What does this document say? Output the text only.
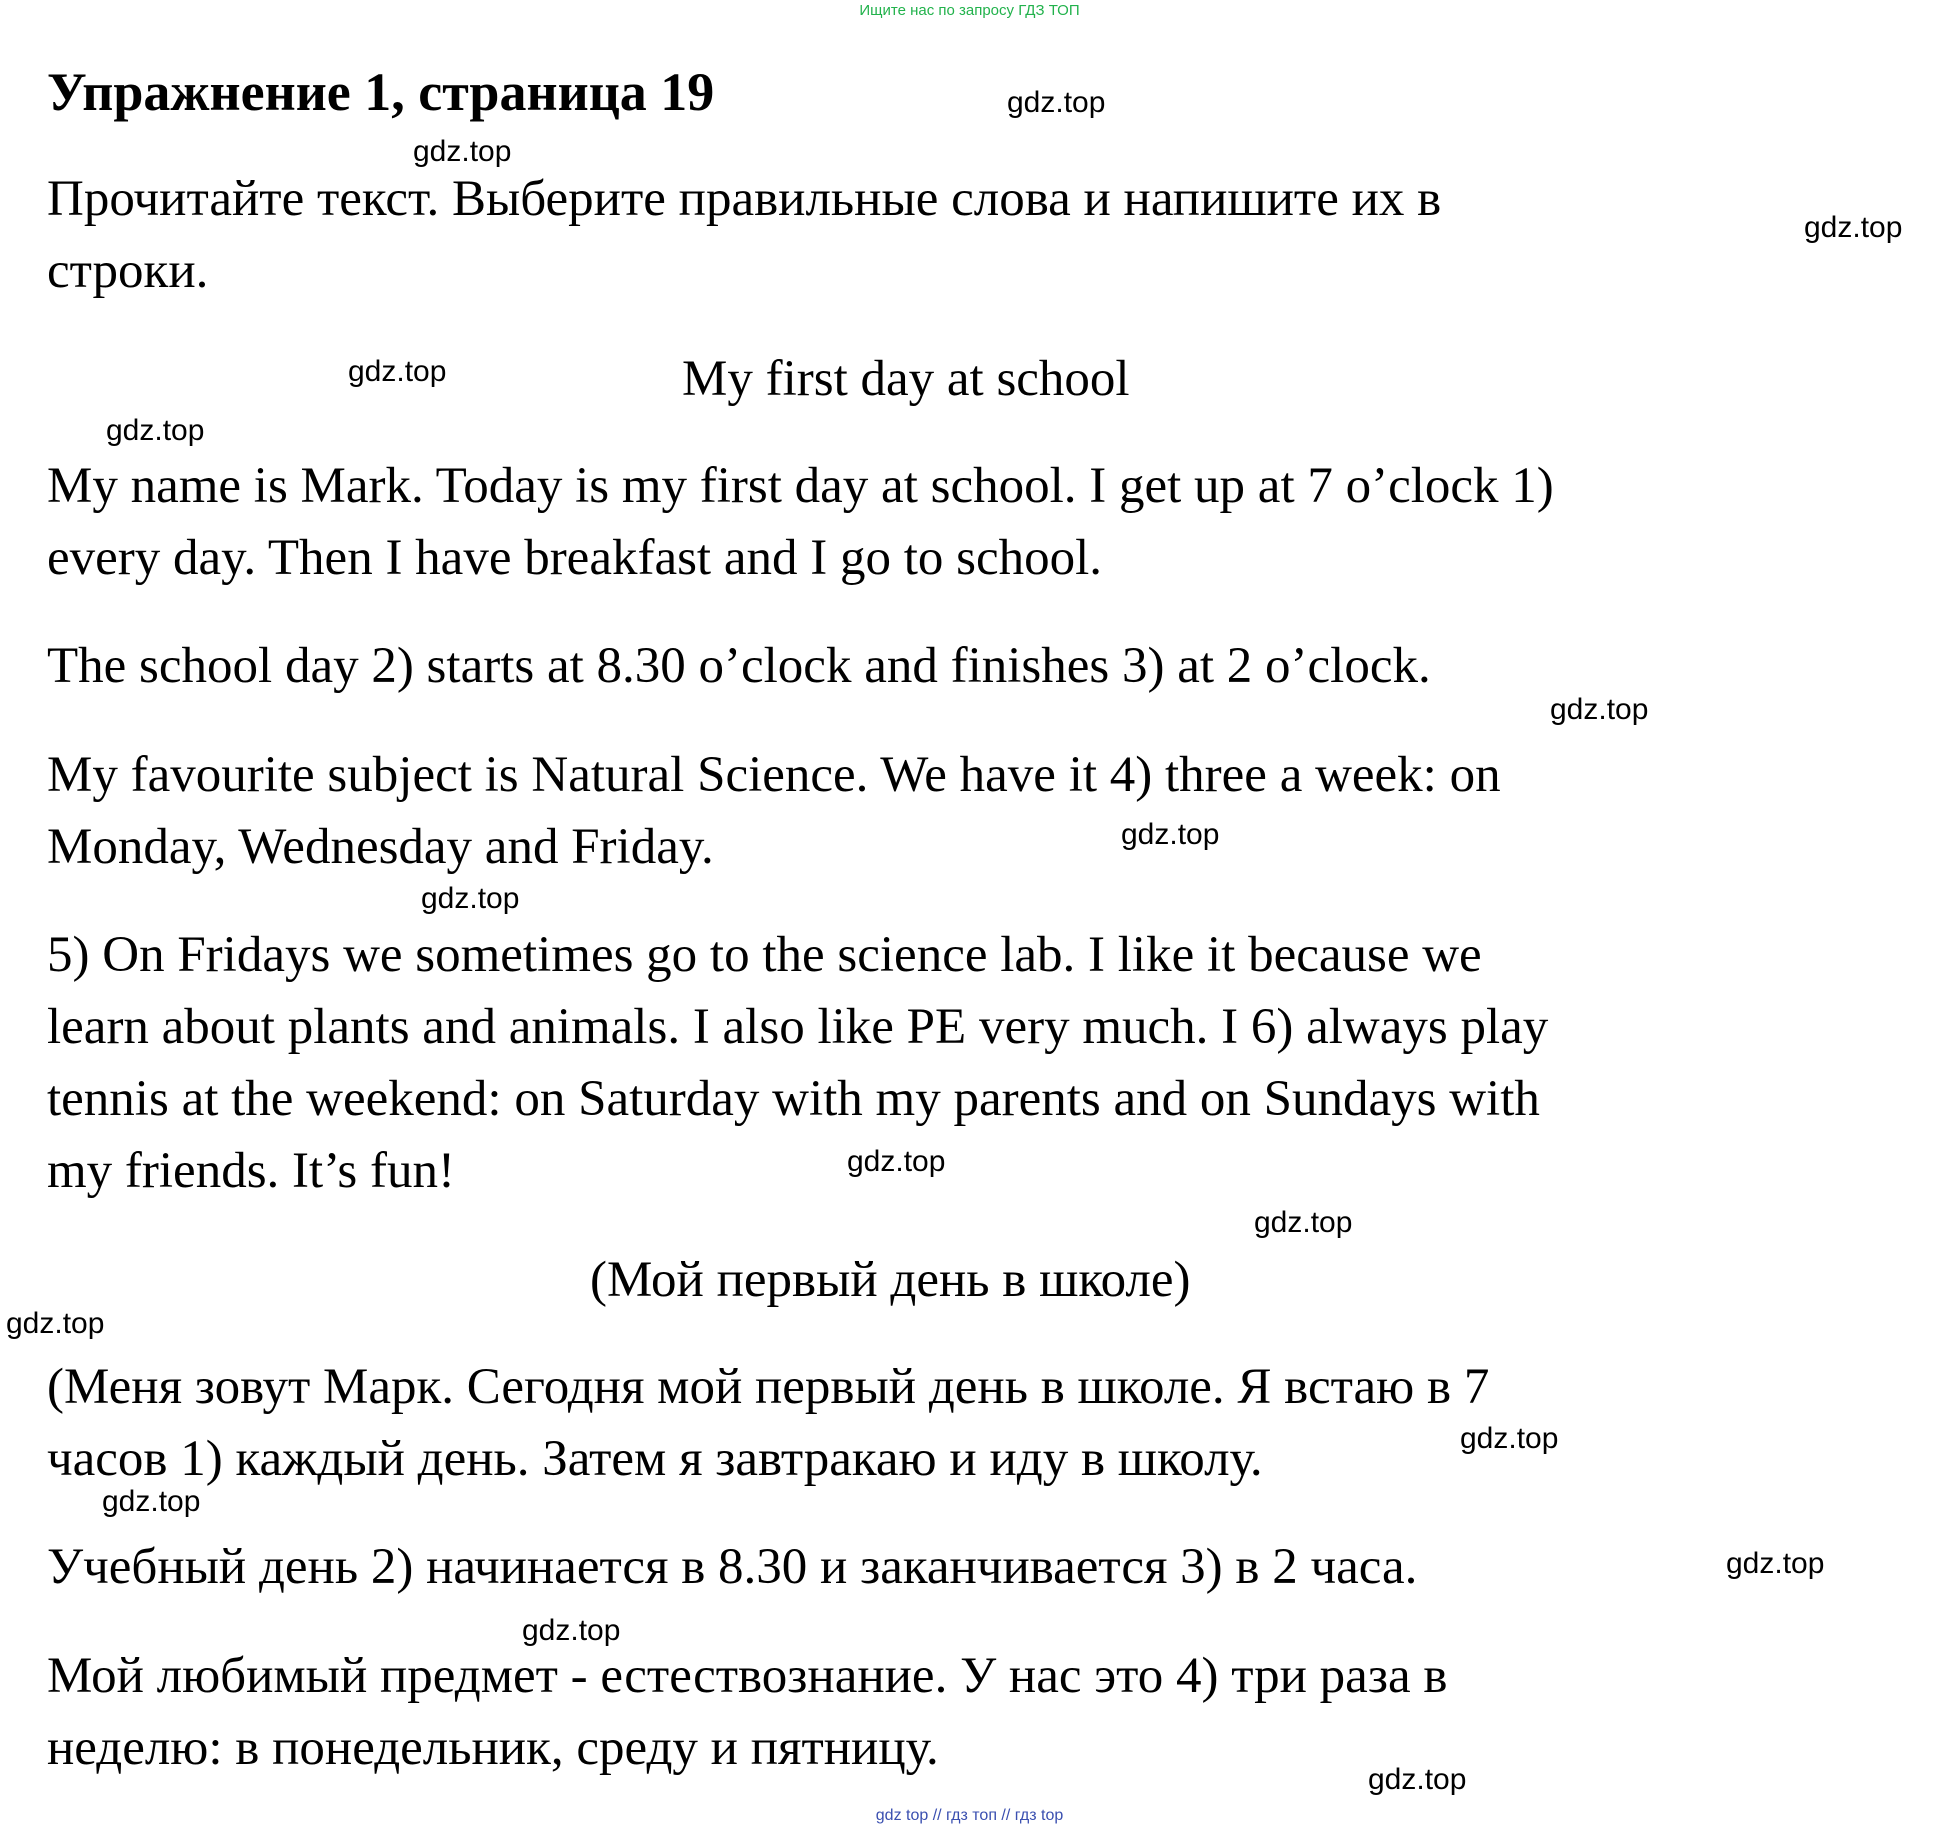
Ищите нас по запросу ГДЗ ТОП
Упражнение 1, страница 19
Прочитайте текст. Выберите правильные слова и напишите их в
строки.
My first day at school
My name is Mark. Today is my first day at school. I get up at 7 o’clock 1)
every day. Then I have breakfast and I go to school.
The school day 2) starts at 8.30 o’clock and finishes 3) at 2 o’clock.
My favourite subject is Natural Science. We have it 4) three a week: on
Monday, Wednesday and Friday.
5) On Fridays we sometimes go to the science lab. I like it because we
learn about plants and animals. I also like PE very much. I 6) always play
tennis at the weekend: on Saturday with my parents and on Sundays with
my friends. It’s fun!
(Мой первый день в школе)
(Меня зовут Марк. Сегодня мой первый день в школе. Я встаю в 7
часов 1) каждый день. Затем я завтракаю и иду в школу.
Учебный день 2) начинается в 8.30 и заканчивается 3) в 2 часа.
Мой любимый предмет - естествознание. У нас это 4) три раза в
неделю: в понедельник, среду и пятницу.
gdz.top
gdz.top
gdz.top
gdz.top
gdz.top
gdz.top
gdz.top
gdz.top
gdz.top
gdz.top
gdz.top
gdz.top
gdz.top
gdz.top
gdz.top
gdz.top
gdz top // гдз топ // гдз top
